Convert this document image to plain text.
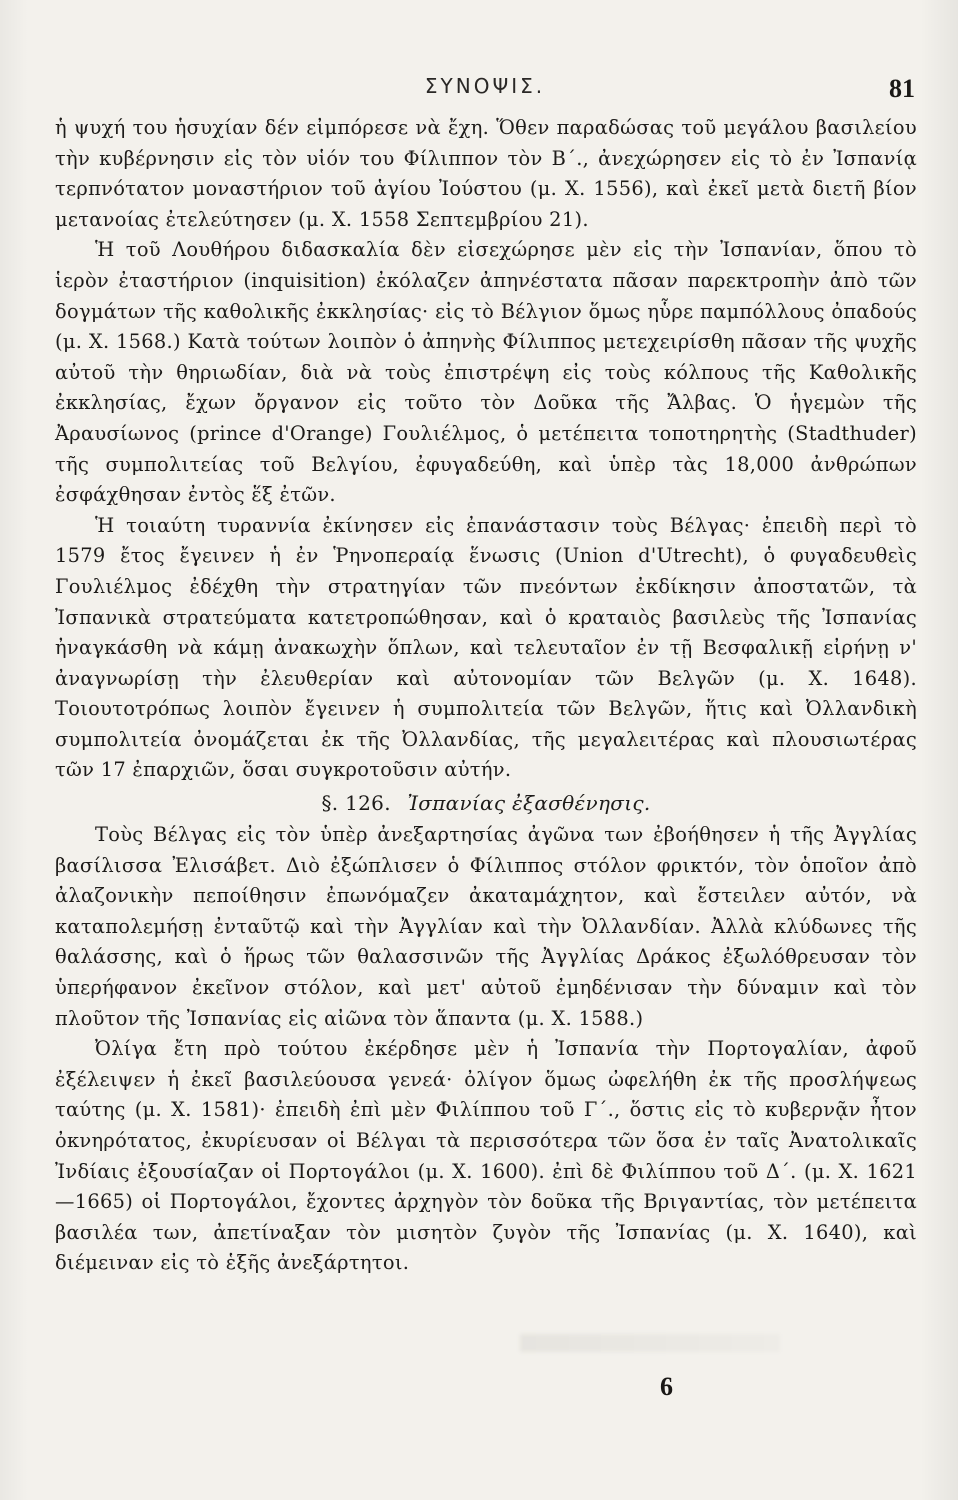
ΣΥΝΟΨΙΣ.	81

ἡ ψυχή του ἡσυχίαν δέν εἰμπόρεσε νὰ ἔχη. Ὅθεν παραδώσας τοῦ μεγάλου βασιλείου τὴν κυβέρνησιν εἰς τὸν υἱόν του Φίλιππον τὸν Β΄., ἀνεχώρησεν εἰς τὸ ἐν Ἰσπανίᾳ τερπνότατον μοναστήριον τοῦ ἁγίου Ἰούστου (μ. Χ. 1556), καὶ ἐκεῖ μετὰ διετῆ βίον μετανοίας ἐτελεύτησεν (μ. Χ. 1558 Σεπτεμβρίου 21).

Ἡ τοῦ Λουθήρου διδασκαλία δὲν εἰσεχώρησε μὲν εἰς τὴν Ἰσπανίαν, ὅπου τὸ ἱερὸν ἐταστήριον (inquisition) ἐκόλαζεν ἀπηνέστατα πᾶσαν παρεκτροπὴν ἀπὸ τῶν δογμάτων τῆς καθολικῆς ἐκκλησίας· εἰς τὸ Βέλγιον ὅμως ηὗρε παμπόλλους ὀπαδούς (μ. Χ. 1568.) Κατὰ τούτων λοιπὸν ὁ ἀπηνὴς Φίλιππος μετεχειρίσθη πᾶσαν τῆς ψυχῆς αὐτοῦ τὴν θηριωδίαν, διὰ νὰ τοὺς ἐπιστρέψη εἰς τοὺς κόλπους τῆς Καθολικῆς ἐκκλησίας, ἔχων ὄργανον εἰς τοῦτο τὸν Δοῦκα τῆς Ἄλβας. Ὁ ἡγεμὼν τῆς Ἀραυσίωνος (prince d'Orange) Γουλιέλμος, ὁ μετέπειτα τοποτηρητὴς (Stadthuder) τῆς συμπολιτείας τοῦ Βελγίου, ἐφυγαδεύθη, καὶ ὑπὲρ τὰς 18,000 ἀνθρώπων ἐσφάχθησαν ἐντὸς ἕξ ἐτῶν.

Ἡ τοιαύτη τυραννία ἐκίνησεν εἰς ἐπανάστασιν τοὺς Βέλγας· ἐπειδὴ περὶ τὸ 1579 ἔτος ἔγεινεν ἡ ἐν Ῥηνοπεραίᾳ ἕνωσις (Union d'Utrecht), ὁ φυγαδευθεὶς Γουλιέλμος ἐδέχθη τὴν στρατηγίαν τῶν πνεόντων ἐκδίκησιν ἀποστατῶν, τὰ Ἰσπανικὰ στρατεύματα κατετροπώθησαν, καὶ ὁ κραταιὸς βασιλεὺς τῆς Ἰσπανίας ἠναγκάσθη νὰ κάμῃ ἀνακωχὴν ὅπλων, καὶ τελευταῖον ἐν τῇ Βεσφαλικῇ εἰρήνῃ ν' ἀναγνωρίσῃ τὴν ἐλευθερίαν καὶ αὐτονομίαν τῶν Βελγῶν (μ. Χ. 1648). Τοιουτοτρόπως λοιπὸν ἔγεινεν ἡ συμπολιτεία τῶν Βελγῶν, ἥτις καὶ Ὀλλανδικὴ συμπολιτεία ὀνομάζεται ἐκ τῆς Ὀλλανδίας, τῆς μεγαλειτέρας καὶ πλουσιωτέρας τῶν 17 ἐπαρχιῶν, ὅσαι συγκροτοῦσιν αὐτήν.

§. 126. Ἰσπανίας ἐξασθένησις.

Τοὺς Βέλγας εἰς τὸν ὑπὲρ ἀνεξαρτησίας ἀγῶνα των ἐβοήθησεν ἡ τῆς Ἀγγλίας βασίλισσα Ἐλισάβετ. Διὸ ἐξώπλισεν ὁ Φίλιππος στόλον φρικτόν, τὸν ὁποῖον ἀπὸ ἀλαζονικὴν πεποίθησιν ἐπωνόμαζεν ἀκαταμάχητον, καὶ ἔστειλεν αὐτόν, νὰ καταπολεμήσῃ ἐνταῦτῷ καὶ τὴν Ἀγγλίαν καὶ τὴν Ὀλλανδίαν. Ἀλλὰ κλύδωνες τῆς θαλάσσης, καὶ ὁ ἥρως τῶν θαλασσινῶν τῆς Ἀγγλίας Δράκος ἐξωλόθρευσαν τὸν ὑπερήφανον ἐκεῖνον στόλον, καὶ μετ' αὐτοῦ ἐμηδένισαν τὴν δύναμιν καὶ τὸν πλοῦτον τῆς Ἰσπανίας εἰς αἰῶνα τὸν ἅπαντα (μ. Χ. 1588.)

Ὀλίγα ἔτη πρὸ τούτου ἐκέρδησε μὲν ἡ Ἰσπανία τὴν Πορτογαλίαν, ἀφοῦ ἐξέλειψεν ἡ ἐκεῖ βασιλεύουσα γενεά· ὀλίγον ὅμως ὠφελήθη ἐκ τῆς προσλήψεως ταύτης (μ. Χ. 1581)· ἐπειδὴ ἐπὶ μὲν Φιλίππου τοῦ Γ΄., ὅστις εἰς τὸ κυβερνᾷν ἦτον ὀκνηρότατος, ἐκυρίευσαν οἱ Βέλγαι τὰ περισσότερα τῶν ὅσα ἐν ταῖς Ἀνατολικαῖς Ἰνδίαις ἐξουσίαζαν οἱ Πορτογάλοι (μ. Χ. 1600). ἐπὶ δὲ Φιλίππου τοῦ Δ΄. (μ. Χ. 1621—1665) οἱ Πορτογάλοι, ἔχοντες ἀρχηγὸν τὸν δοῦκα τῆς Βριγαντίας, τὸν μετέπειτα βασιλέα των, ἀπετίναξαν τὸν μισητὸν ζυγὸν τῆς Ἰσπανίας (μ. Χ. 1640), καὶ διέμειναν εἰς τὸ ἑξῆς ἀνεξάρτητοι.

6
